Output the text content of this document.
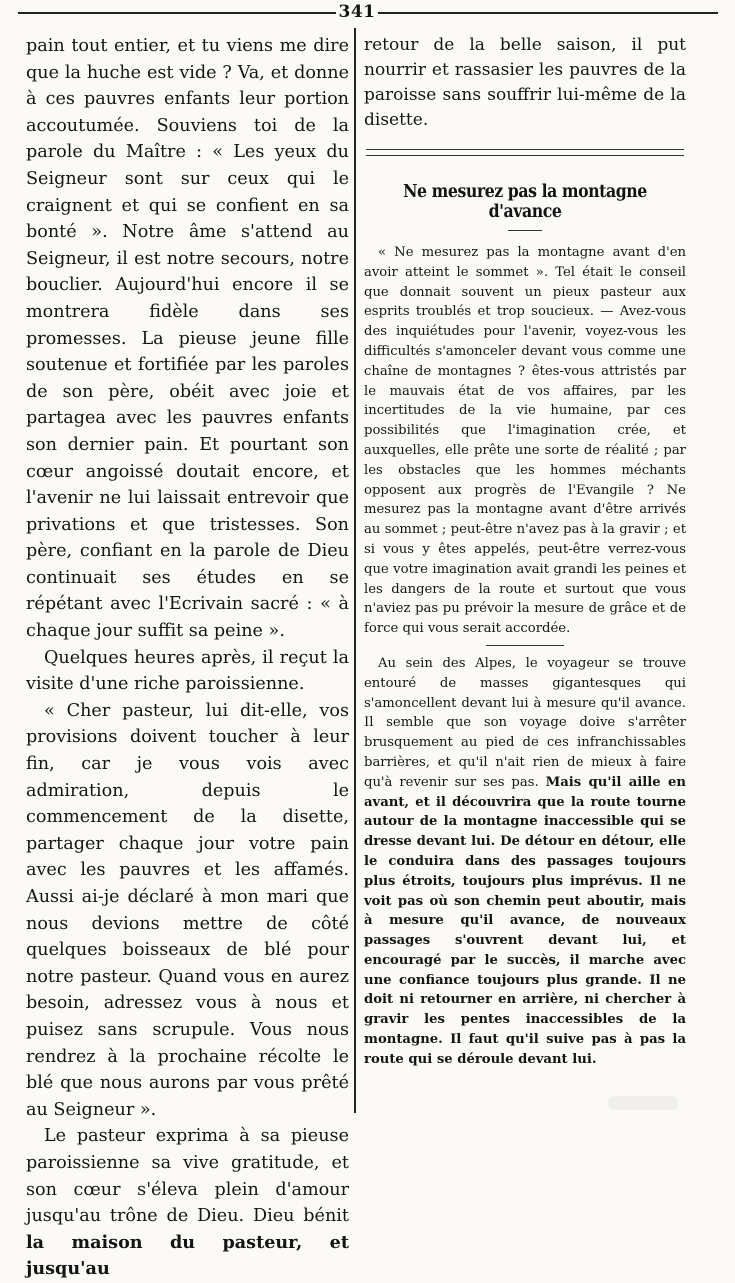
341

pain tout entier, et tu viens me dire que la huche est vide ? Va, et donne à ces pauvres enfants leur portion accoutumée. Souviens toi de la parole du Maître : « Les yeux du Seigneur sont sur ceux qui le craignent et qui se confient en sa bonté ». Notre âme s'attend au Seigneur, il est notre secours, notre bouclier. Aujourd'hui encore il se montrera fidèle dans ses promesses. La pieuse jeune fille soutenue et fortifiée par les paroles de son père, obéit avec joie et partagea avec les pauvres enfants son dernier pain. Et pourtant son cœur angoissé doutait encore, et l'avenir ne lui laissait entrevoir que privations et que tristesses. Son père, confiant en la parole de Dieu continuait ses études en se répétant avec l'Ecrivain sacré : « à chaque jour suffit sa peine ».

Quelques heures après, il reçut la visite d'une riche paroissienne.

« Cher pasteur, lui dit-elle, vos provisions doivent toucher à leur fin, car je vous vois avec admiration, depuis le commencement de la disette, partager chaque jour votre pain avec les pauvres et les affamés. Aussi ai-je déclaré à mon mari que nous devions mettre de côté quelques boisseaux de blé pour notre pasteur. Quand vous en aurez besoin, adressez vous à nous et puisez sans scrupule. Vous nous rendrez à la prochaine récolte le blé que nous aurons par vous prêté au Seigneur ».

Le pasteur exprima à sa pieuse paroissienne sa vive gratitude, et son cœur s'éleva plein d'amour jusqu'au trône de Dieu. Dieu bénit la maison du pasteur, et jusqu'au

retour de la belle saison, il put nourrir et rassasier les pauvres de la paroisse sans souffrir lui-même de la disette.

Ne mesurez pas la montagne d'avance

« Ne mesurez pas la montagne avant d'en avoir atteint le sommet ». Tel était le conseil que donnait souvent un pieux pasteur aux esprits troublés et trop soucieux. — Avez-vous des inquiétudes pour l'avenir, voyez-vous les difficultés s'amonceler devant vous comme une chaîne de montagnes ? êtes-vous attristés par le mauvais état de vos affaires, par les incertitudes de la vie humaine, par ces possibilités que l'imagination crée, et auxquelles, elle prête une sorte de réalité ; par les obstacles que les hommes méchants opposent aux progrès de l'Evangile ? Ne mesurez pas la montagne avant d'être arrivés au sommet ; peut-être n'avez pas à la gravir ; et si vous y êtes appelés, peut-être verrez-vous que votre imagination avait grandi les peines et les dangers de la route et surtout que vous n'aviez pas pu prévoir la mesure de grâce et de force qui vous serait accordée.

Au sein des Alpes, le voyageur se trouve entouré de masses gigantesques qui s'amoncellent devant lui à mesure qu'il avance. Il semble que son voyage doive s'arrêter brusquement au pied de ces infranchissables barrières, et qu'il n'ait rien de mieux à faire qu'à revenir sur ses pas. Mais qu'il aille en avant, et il découvrira que la route tourne autour de la montagne inaccessible qui se dresse devant lui. De détour en détour, elle le conduira dans des passages toujours plus étroits, toujours plus imprévus. Il ne voit pas où son chemin peut aboutir, mais à mesure qu'il avance, de nouveaux passages s'ouvrent devant lui, et encouragé par le succès, il marche avec une confiance toujours plus grande. Il ne doit ni retourner en arrière, ni chercher à gravir les pentes inaccessibles de la montagne. Il faut qu'il suive pas à pas la route qui se déroule devant lui.
